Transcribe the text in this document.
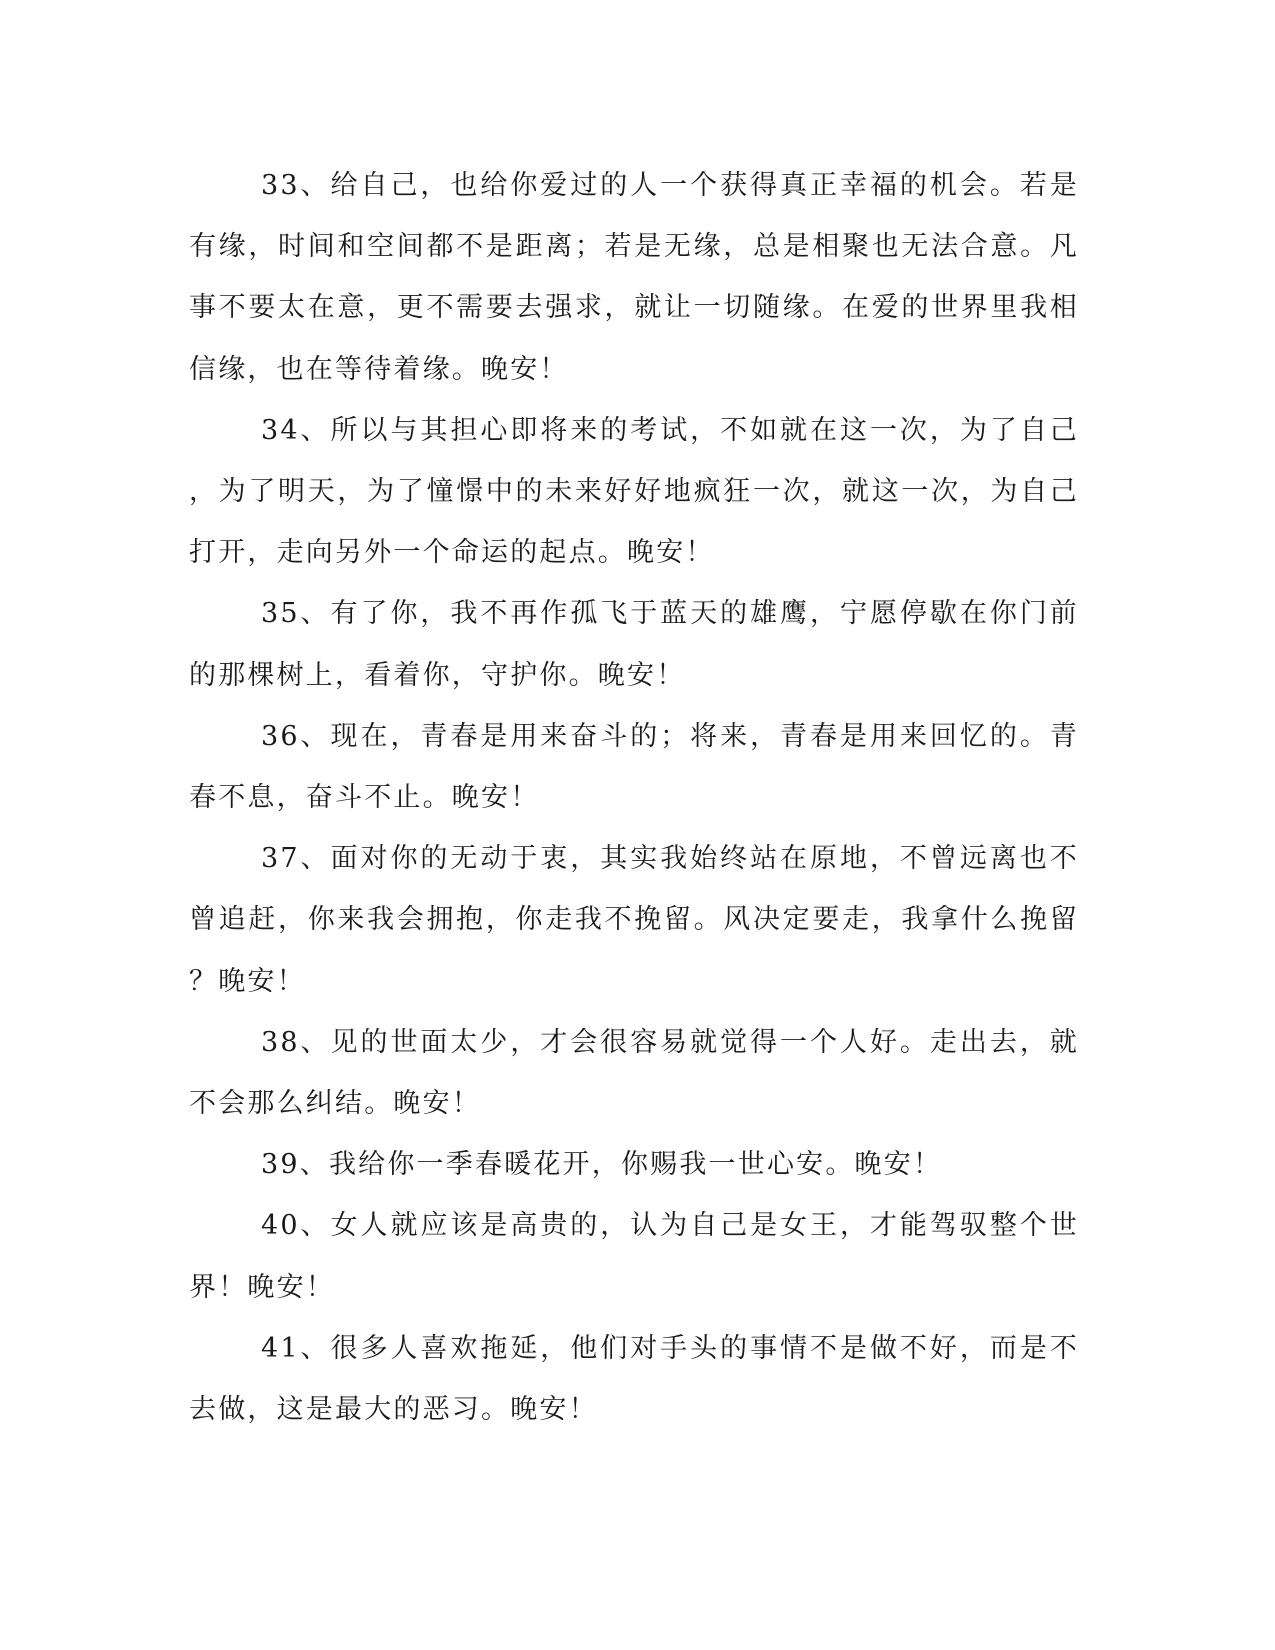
33、给自己，也给你爱过的人一个获得真正幸福的机会。若是有缘，时间和空间都不是距离；若是无缘，总是相聚也无法合意。凡事不要太在意，更不需要去强求，就让一切随缘。在爱的世界里我相信缘，也在等待着缘。晚安！

34、所以与其担心即将来的考试，不如就在这一次，为了自己，为了明天，为了憧憬中的未来好好地疯狂一次，就这一次，为自己打开，走向另外一个命运的起点。晚安！

35、有了你，我不再作孤飞于蓝天的雄鹰，宁愿停歇在你门前的那棵树上，看着你，守护你。晚安！

36、现在，青春是用来奋斗的；将来，青春是用来回忆的。青春不息，奋斗不止。晚安！

37、面对你的无动于衷，其实我始终站在原地，不曾远离也不曾追赶，你来我会拥抱，你走我不挽留。风决定要走，我拿什么挽留？晚安！

38、见的世面太少，才会很容易就觉得一个人好。走出去，就不会那么纠结。晚安！

39、我给你一季春暖花开，你赐我一世心安。晚安！

40、女人就应该是高贵的，认为自己是女王，才能驾驭整个世界！晚安！

41、很多人喜欢拖延，他们对手头的事情不是做不好，而是不去做，这是最大的恶习。晚安！
